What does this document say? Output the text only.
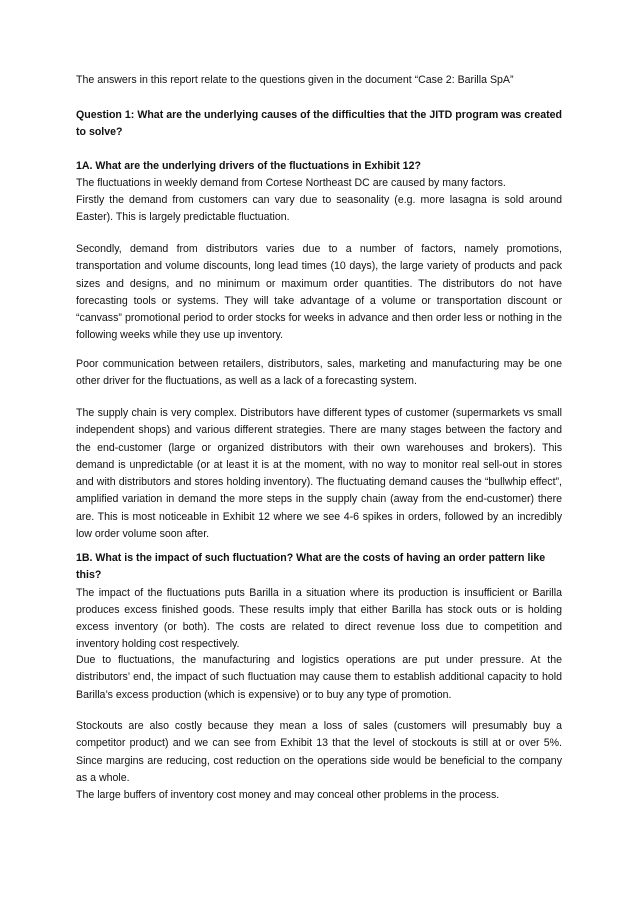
The answers in this report relate to the questions given in the document “Case 2: Barilla SpA”

Question 1: What are the underlying causes of the difficulties that the JITD program was created to solve?

1A. What are the underlying drivers of the fluctuations in Exhibit 12?

The fluctuations in weekly demand from Cortese Northeast DC are caused by many factors.

Firstly the demand from customers can vary due to seasonality (e.g. more lasagna is sold around Easter). This is largely predictable fluctuation.

Secondly, demand from distributors varies due to a number of factors, namely promotions, transportation and volume discounts, long lead times (10 days), the large variety of products and pack sizes and designs, and no minimum or maximum order quantities. The distributors do not have forecasting tools or systems. They will take advantage of a volume or transportation discount or “canvass” promotional period to order stocks for weeks in advance and then order less or nothing in the following weeks while they use up inventory.

Poor communication between retailers, distributors, sales, marketing and manufacturing may be one other driver for the fluctuations, as well as a lack of a forecasting system.

The supply chain is very complex. Distributors have different types of customer (supermarkets vs small independent shops) and various different strategies. There are many stages between the factory and the end-customer (large or organized distributors with their own warehouses and brokers). This demand is unpredictable (or at least it is at the moment, with no way to monitor real sell-out in stores and with distributors and stores holding inventory). The fluctuating demand causes the “bullwhip effect”, amplified variation in demand the more steps in the supply chain (away from the end-customer) there are. This is most noticeable in Exhibit 12 where we see 4-6 spikes in orders, followed by an incredibly low order volume soon after.

1B. What is the impact of such fluctuation? What are the costs of having an order pattern like this?

The impact of the fluctuations puts Barilla in a situation where its production is insufficient or Barilla produces excess finished goods. These results imply that either Barilla has stock outs or is holding excess inventory (or both). The costs are related to direct revenue loss due to competition and inventory holding cost respectively.

Due to fluctuations, the manufacturing and logistics operations are put under pressure. At the distributors’ end, the impact of such fluctuation may cause them to establish additional capacity to hold Barilla’s excess production (which is expensive) or to buy any type of promotion.

Stockouts are also costly because they mean a loss of sales (customers will presumably buy a competitor product) and we can see from Exhibit 13 that the level of stockouts is still at or over 5%. Since margins are reducing, cost reduction on the operations side would be beneficial to the company as a whole.

The large buffers of inventory cost money and may conceal other problems in the process.
